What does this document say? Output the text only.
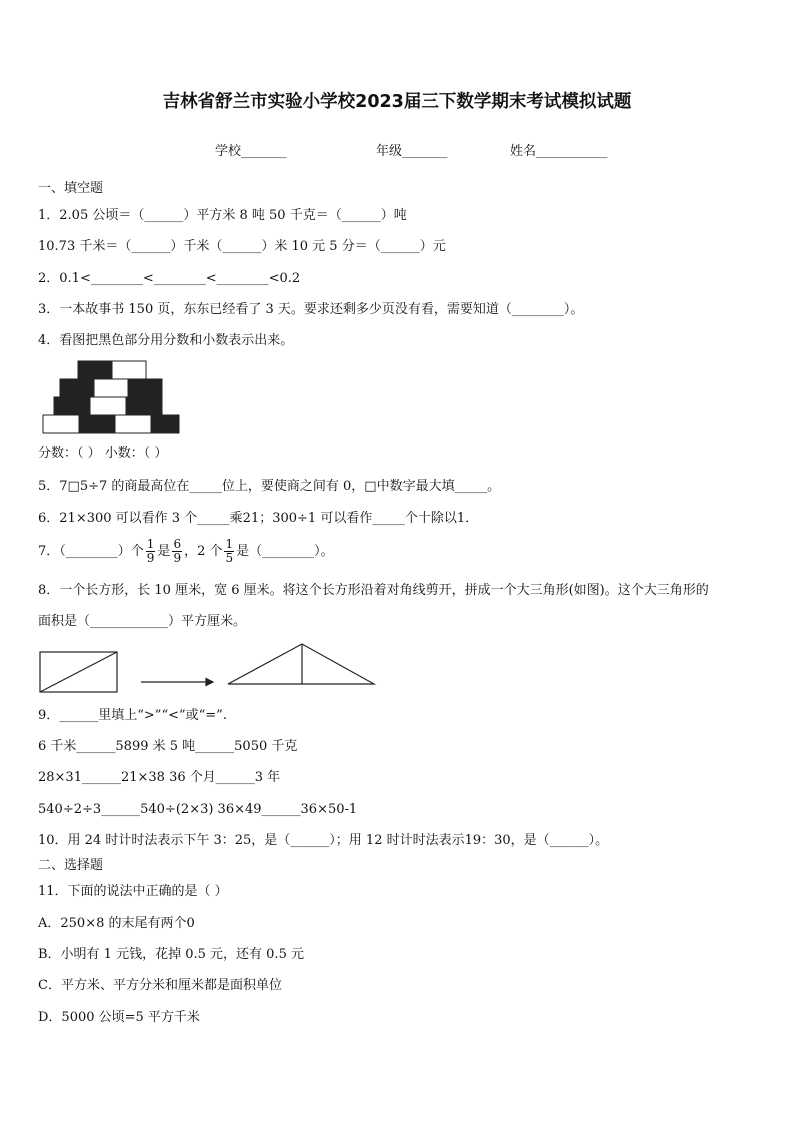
吉林省舒兰市实验小学校2023届三下数学期末考试模拟试题
学校_______	年级_______	姓名___________
一、填空题
1．2.05 公顷＝（______）平方米 8 吨 50 千克＝（______）吨
10.73 千米＝（______）千米（______）米 10 元 5 分＝（______）元
2．0.1<________<________<________<0.2
3．一本故事书 150 页，东东已经看了 3 天。要求还剩多少页没有看，需要知道（________）。
4．看图把黑色部分用分数和小数表示出来。
分数：（ ） 小数：（ ）
5．7□5÷7 的商最高位在_____位上，要使商之间有 0，□中数字最大填_____。
6．21×300 可以看作 3 个_____乘21；300÷1 可以看作_____个十除以1．
7．（________）个 $\frac{1}{9}$ 是 $\frac{6}{9}$ ，2 个 $\frac{1}{5}$ 是（________）。
8．一个长方形，长 10 厘米，宽 6 厘米。将这个长方形沿着对角线剪开，拼成一个大三角形(如图)。这个大三角形的
面积是（____________）平方厘米。
9．______里填上“>”“<”或“=”.
6 千米______5899 米 5 吨______5050 千克
28×31______21×38 36 个月______3 年
540÷2÷3______540÷(2×3) 36×49______36×50-1
10．用 24 时计时法表示下午 3：25，是（______）；用 12 时计时法表示19：30，是（______）。
二、选择题
11．下面的说法中正确的是（ ）
A．250×8 的末尾有两个0
B．小明有 1 元钱，花掉 0.5 元，还有 0.5 元
C．平方米、平方分米和厘米都是面积单位
D．5000 公顷=5 平方千米
